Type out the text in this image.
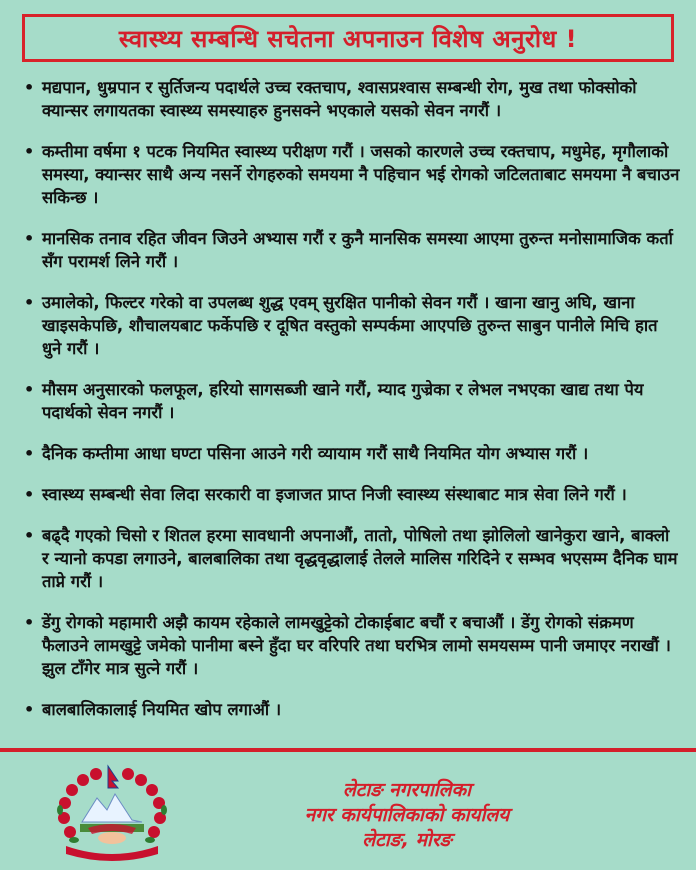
स्वास्थ्य सम्बन्धि सचेतना अपनाउन विशेष अनुरोध !
• मद्यपान, धुम्रपान र सुर्तिजन्य पदार्थले उच्च रक्तचाप, श्वासप्रश्वास सम्बन्धी रोग, मुख तथा फोक्सोको क्यान्सर लगायतका स्वास्थ्य समस्याहरु हुनसक्ने भएकाले यसको सेवन नगरौं ।
• कम्तीमा वर्षमा १ पटक नियमित स्वास्थ्य परीक्षण गरौं । जसको कारणले उच्च रक्तचाप, मधुमेह, मृगौलाको समस्या, क्यान्सर साथै अन्य नसर्ने रोगहरुको समयमा नै पहिचान भई रोगको जटिलताबाट समयमा नै बचाउन सकिन्छ ।
• मानसिक तनाव रहित जीवन जिउने अभ्यास गरौं र कुनै मानसिक समस्या आएमा तुरुन्त मनोसामाजिक कर्ता सँग परामर्श लिने गरौं ।
• उमालेको, फिल्टर गरेको वा उपलब्ध शुद्ध एवम् सुरक्षित पानीको सेवन गरौं । खाना खानु अघि, खाना खाइसकेपछि, शौचालयबाट फर्केपछि र दूषित वस्तुको सम्पर्कमा आएपछि तुरुन्त साबुन पानीले मिचि हात धुने गरौं ।
• मौसम अनुसारको फलफूल, हरियो सागसब्जी खाने गरौं, म्याद गुज्रेका र लेभल नभएका खाद्य तथा पेय पदार्थको सेवन नगरौं ।
• दैनिक कम्तीमा आधा घण्टा पसिना आउने गरी व्यायाम गरौं साथै नियमित योग अभ्यास गरौं ।
• स्वास्थ्य सम्बन्धी सेवा लिदा सरकारी वा इजाजत प्राप्त निजी स्वास्थ्य संस्थाबाट मात्र सेवा लिने गरौं ।
• बढ्दै गएको चिसो र शितल हरमा सावधानी अपनाऔं, तातो, पोषिलो तथा झोलिलो खानेकुरा खाने, बाक्लो र न्यानो कपडा लगाउने, बालबालिका तथा वृद्धवृद्धालाई तेलले मालिस गरिदिने र सम्भव भएसम्म दैनिक घाम ताप्ने गरौं ।
• डेंगु रोगको महामारी अझै कायम रहेकाले लामखुट्टेको टोकाईबाट बचौं र बचाऔं । डेंगु रोगको संक्रमण फैलाउने लामखुट्टे जमेको पानीमा बस्ने हुँदा घर वरिपरि तथा घरभित्र लामो समयसम्म पानी जमाएर नराखौं । झुल टाँगेर मात्र सुत्ने गरौं ।
• बालबालिकालाई नियमित खोप लगाऔं ।
लेटाङ नगरपालिका
नगर कार्यपालिकाको कार्यालय
लेटाङ, मोरङ
